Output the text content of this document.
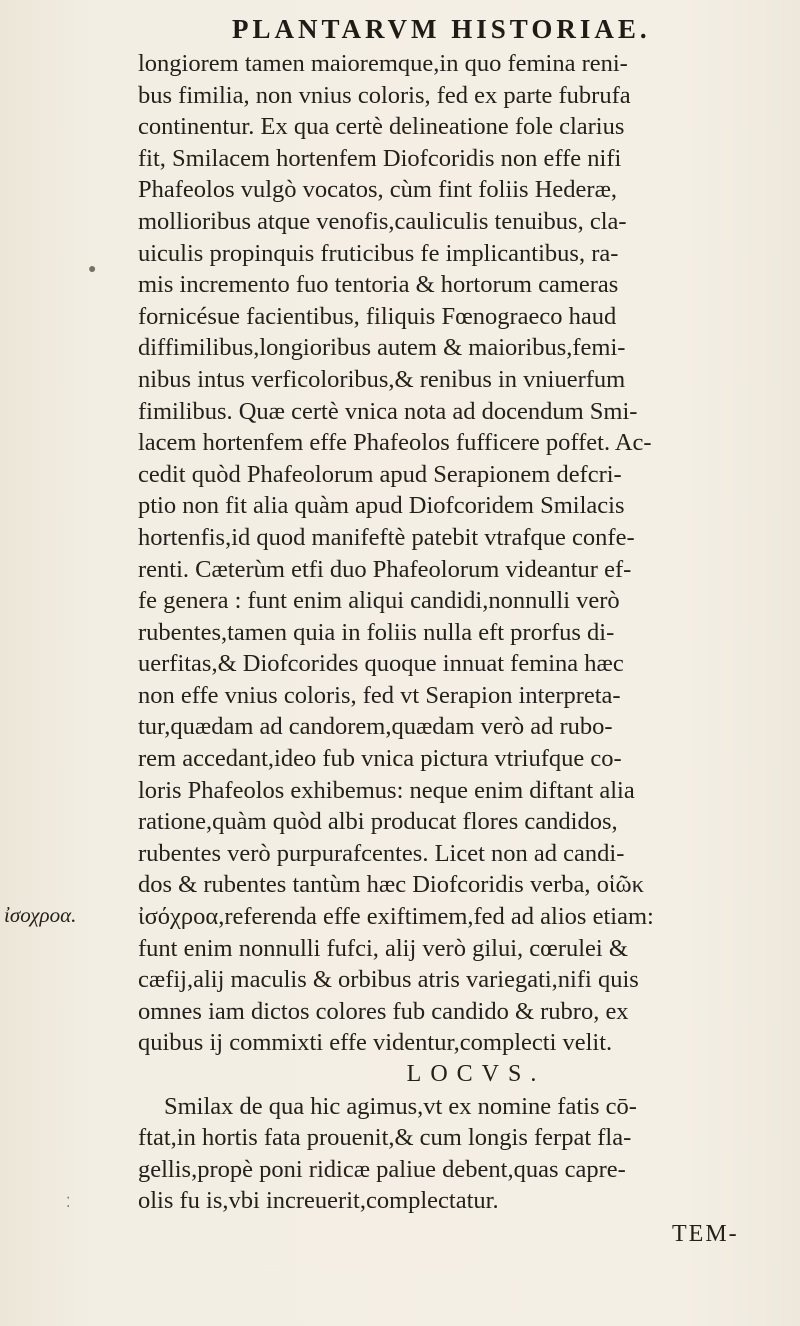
PLANTARVM HISTORIAE.
longiorem tamen maioremque,in quo femina reni-
bus fimilia, non vnius coloris, fed ex parte fubrufa
continentur. Ex qua certè delineatione fole clarius
fit, Smilacem hortenfem Diofcoridis non effe nifi
Phafeolos vulgò vocatos, cùm fint foliis Hederæ,
mollioribus atque venofis,cauliculis tenuibus, cla-
uiculis propinquis fruticibus fe implicantibus, ra-
mis incremento fuo tentoria & hortorum cameras
fornicésue facientibus, filiquis Fœnograeco haud
diffimilibus,longioribus autem & maioribus,femi-
nibus intus verficoloribus,& renibus in vniuerfum
fimilibus. Quæ certè vnica nota ad docendum Smi-
lacem hortenfem effe Phafeolos fufficere poffet. Ac-
cedit quòd Phafeolorum apud Serapionem defcri-
ptio non fit alia quàm apud Diofcoridem Smilacis
hortenfis,id quod manifeftè patebit vtrafque confe-
renti. Cæterùm etfi duo Phafeolorum videantur ef-
fe genera : funt enim aliqui candidi,nonnulli verò
rubentes,tamen quia in foliis nulla eft prorfus di-
uerfitas,& Diofcorides quoque innuat femina hæc
non effe vnius coloris, fed vt Serapion interpreta-
tur,quædam ad candorem,quædam verò ad rubo-
rem accedant,ideo fub vnica pictura vtriufque co-
loris Phafeolos exhibemus: neque enim diftant alia
ratione,quàm quòd albi producat flores candidos,
rubentes verò purpurafcentes. Licet non ad candi-
dos & rubentes tantùm hæc Diofcoridis verba, οἱῶκ
ἰσόχροα,referenda effe exiftimem,fed ad alios etiam:
funt enim nonnulli fufci, alij verò gilui, cœrulei &
cæfij,alij maculis & orbibus atris variegati,nifi quis
omnes iam dictos colores fub candido & rubro, ex
quibus ij commixti effe videntur,complecti velit.
LOCVS.
Smilax de qua hic agimus,vt ex nomine fatis cō-
ftat,in hortis fata prouenit,& cum longis ferpat fla-
gellis,propè poni ridicæ paliue debent,quas capre-
olis fu is,vbi increuerit,complectatur.
ἰσοχροα.
TEM-
●
⁚
